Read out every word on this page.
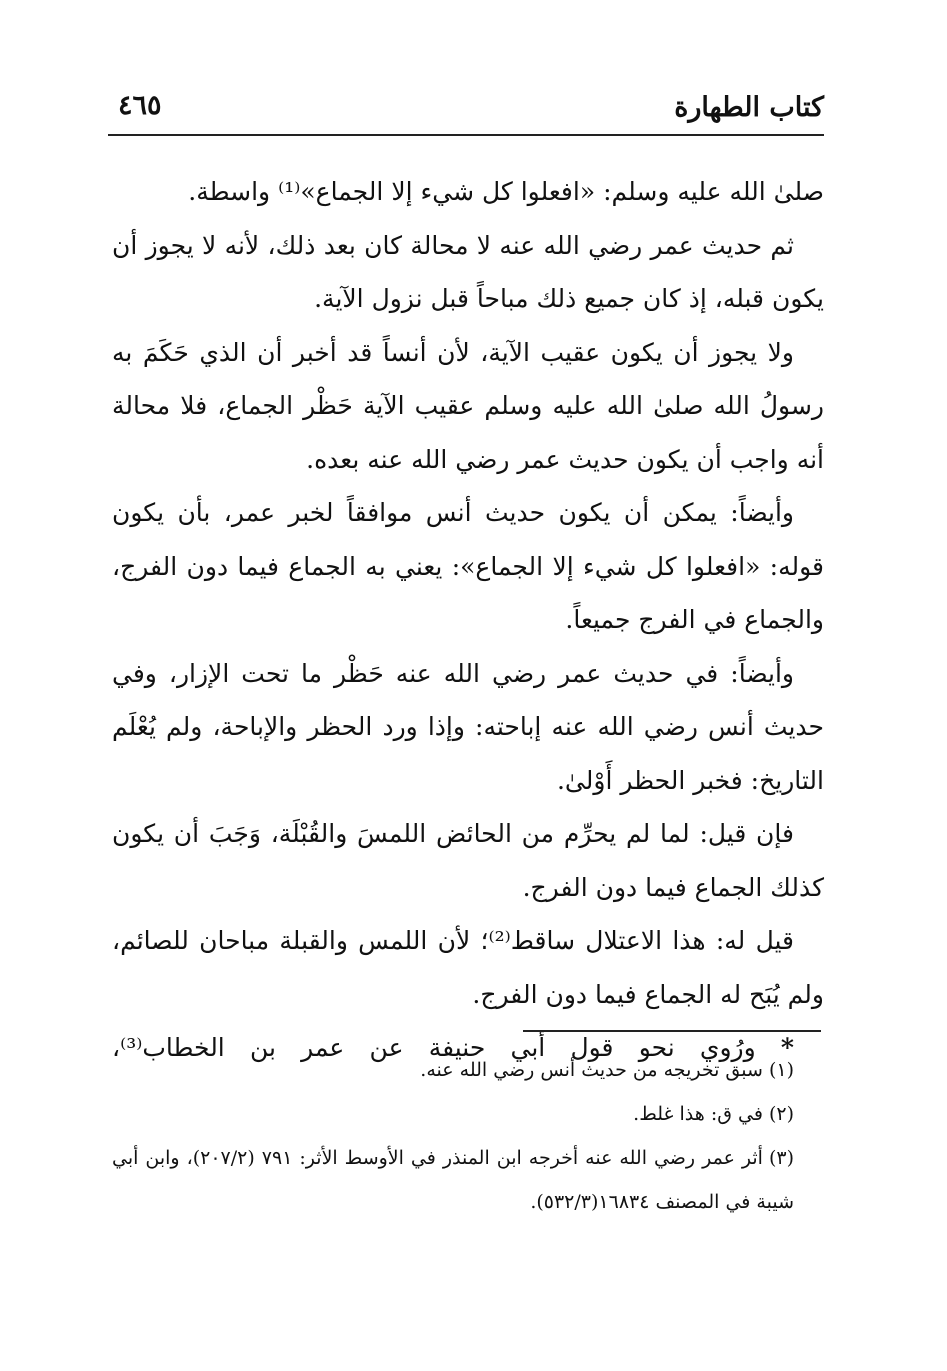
كتاب الطهارة
٤٦٥

صلىٰ الله عليه وسلم: «افعلوا كل شيء إلا الجماع»⁽¹⁾ واسطة.

ثم حديث عمر رضي الله عنه لا محالة كان بعد ذلك، لأنه لا يجوز أن يكون قبله، إذ كان جميع ذلك مباحاً قبل نزول الآية.

ولا يجوز أن يكون عقيب الآية، لأن أنساً قد أخبر أن الذي حَكَمَ به رسولُ الله صلىٰ الله عليه وسلم عقيب الآية حَظْر الجماع، فلا محالة أنه واجب أن يكون حديث عمر رضي الله عنه بعده.

وأيضاً: يمكن أن يكون حديث أنس موافقاً لخبر عمر، بأن يكون قوله: «افعلوا كل شيء إلا الجماع»: يعني به الجماع فيما دون الفرج، والجماع في الفرج جميعاً.

وأيضاً: في حديث عمر رضي الله عنه حَظْر ما تحت الإزار، وفي حديث أنس رضي الله عنه إباحته: وإذا ورد الحظر والإباحة، ولم يُعْلَم التاريخ: فخبر الحظر أَوْلىٰ.

فإن قيل: لما لم يحرِّم من الحائض اللمسَ والقُبْلَة، وَجَبَ أن يكون كذلك الجماع فيما دون الفرج.

قيل له: هذا الاعتلال ساقط⁽²⁾؛ لأن اللمس والقبلة مباحان للصائم، ولم يُبَح له الجماع فيما دون الفرج.

* ورُوي نحو قول أبي حنيفة عن عمر بن الخطاب⁽³⁾،

(١)سبق تخريجه من حديث أنس رضي الله عنه.

(٢)في ق: هذا غلط.

(٣)أثر عمر رضي الله عنه أخرجه ابن المنذر في الأوسط الأثر: ٧٩١ (٢٠٧/٢)، وابن أبي شيبة في المصنف ١٦٨٣٤(٥٣٢/٣).
